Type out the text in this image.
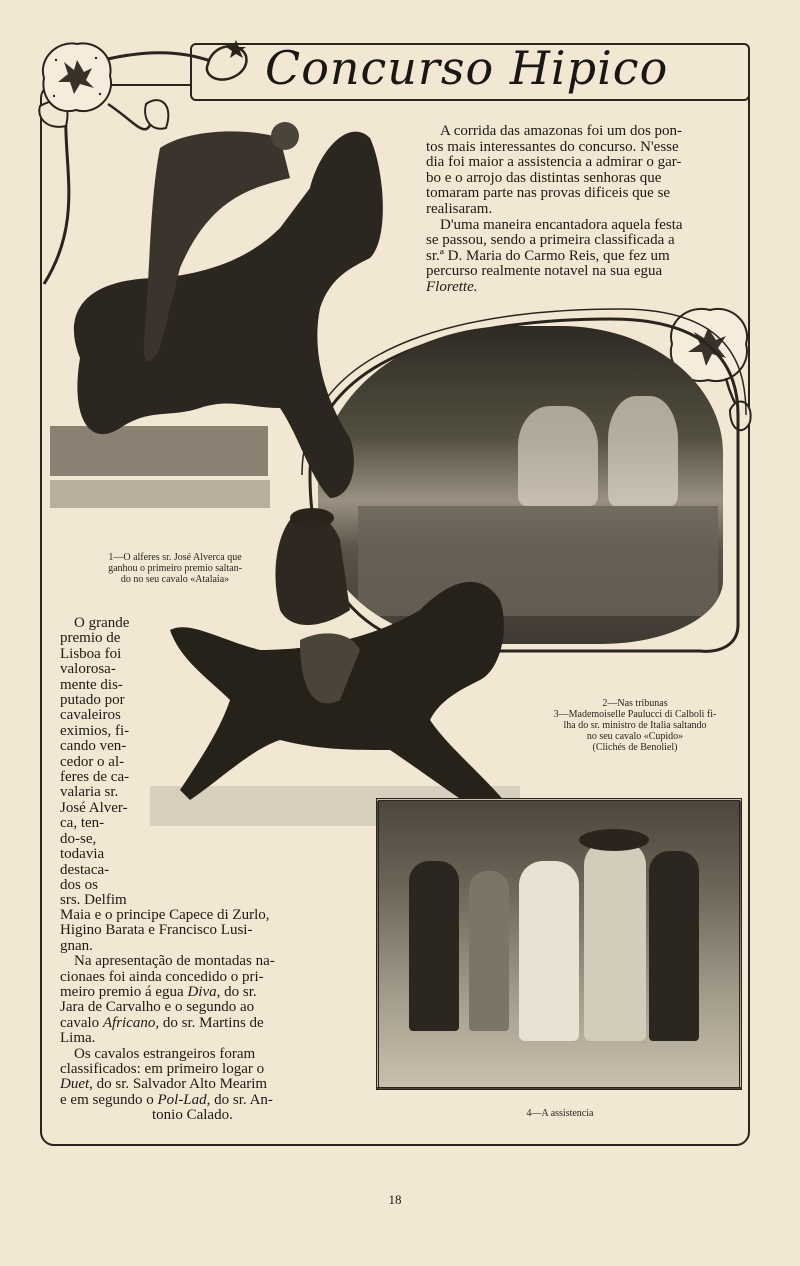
Concurso Hipico

A corrida das amazonas foi um dos pon-

tos mais interessantes do concurso. N'esse

dia foi maior a assistencia a admirar o gar-

bo e o arrojo das distintas senhoras que

tomaram parte nas provas dificeis que se

realisaram.

D'uma maneira encantadora aquela festa

se passou, sendo a primeira classificada a

sr.ª D. Maria do Carmo Reis, que fez um

percurso realmente notavel na sua egua

Florette.

1—O alferes sr. José Alverca que
ganhou o primeiro premio saltan-
do no seu cavalo «Atalaia»
2—Nas tribunas
3—Mademoiselle Paulucci di Calboli fi-
lha do sr. ministro de Italia saltando
no seu cavalo «Cupido»
(Clichés de Benoliel)

O grande

premio de

Lisboa foi

valorosa-

mente dis-

putado por

cavaleiros

eximios, fi-

cando ven-

cedor o al-

feres de ca-

valaria sr.

José Alver-

ca, ten-

do-se,

todavia

destaca-

dos os

srs. Delfim

Maia e o principe Capece di Zurlo,

Higino Barata e Francisco Lusi-

gnan.

Na apresentação de montadas na-

cionaes foi ainda concedido o pri-

meiro premio á egua Diva, do sr.

Jara de Carvalho e o segundo ao

cavalo Africano, do sr. Martins de

Lima.

Os cavalos estrangeiros foram

classificados: em primeiro logar o

Duet, do sr. Salvador Alto Mearim

e em segundo o Pol-Lad, do sr. An-

tonio Calado.	4—A assistencia
18
